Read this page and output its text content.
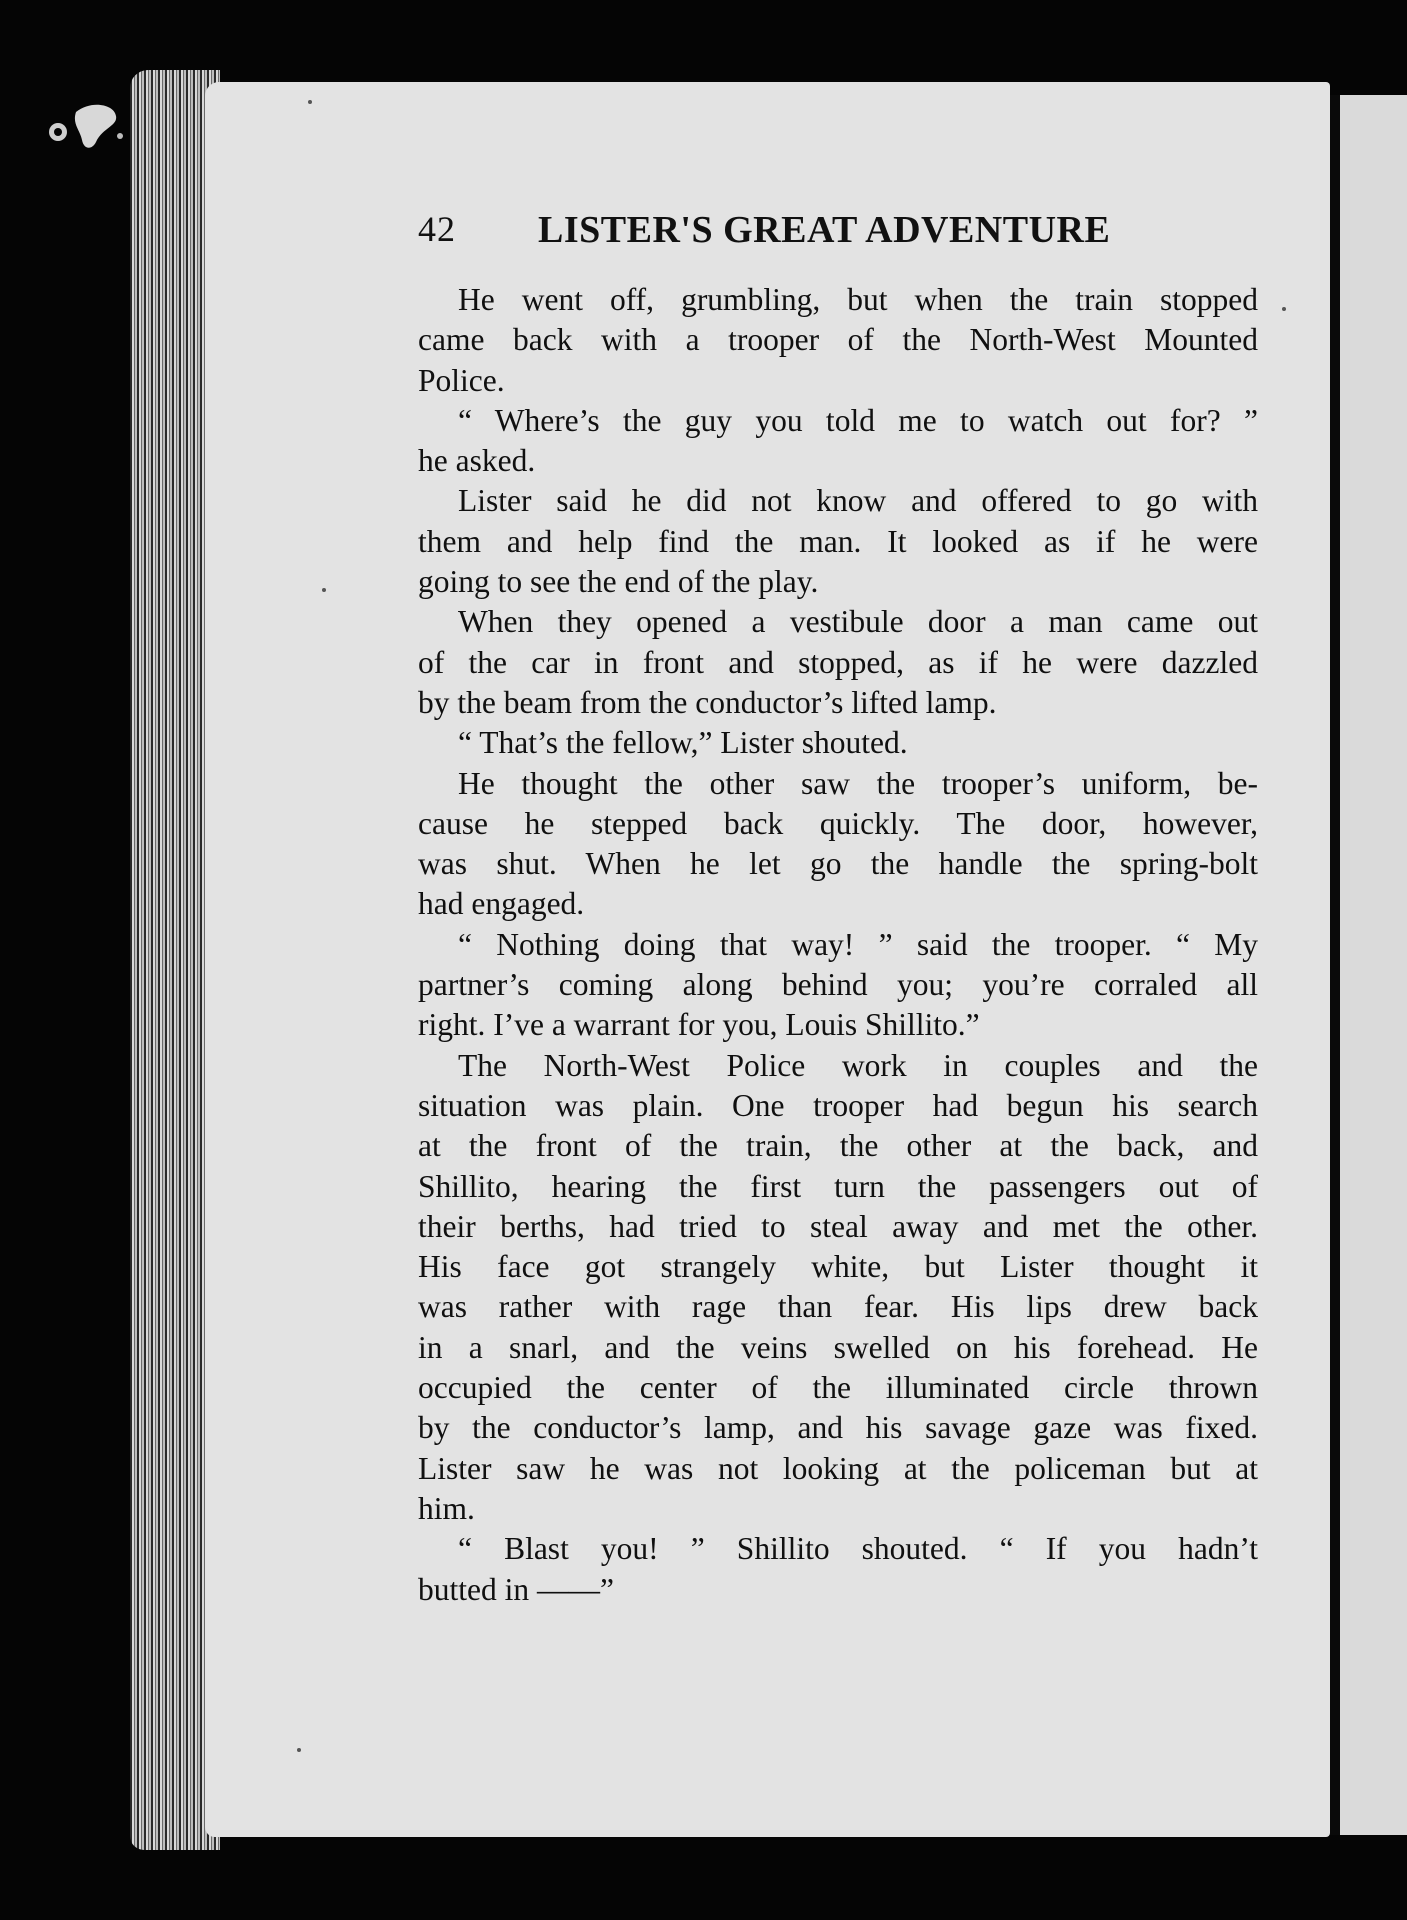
42 LISTER'S GREAT ADVENTURE
He went off, grumbling, but when the train stopped
came back with a trooper of the North-West Mounted
Police.
“ Where’s the guy you told me to watch out for? ”
he asked.
Lister said he did not know and offered to go with
them and help find the man. It looked as if he were
going to see the end of the play.
When they opened a vestibule door a man came out
of the car in front and stopped, as if he were dazzled
by the beam from the conductor’s lifted lamp.
“ That’s the fellow,” Lister shouted.
He thought the other saw the trooper’s uniform, be-
cause he stepped back quickly. The door, however,
was shut. When he let go the handle the spring-bolt
had engaged.
“ Nothing doing that way! ” said the trooper. “ My
partner’s coming along behind you; you’re corraled all
right. I’ve a warrant for you, Louis Shillito.”
The North-West Police work in couples and the
situation was plain. One trooper had begun his search
at the front of the train, the other at the back, and
Shillito, hearing the first turn the passengers out of
their berths, had tried to steal away and met the other.
His face got strangely white, but Lister thought it
was rather with rage than fear. His lips drew back
in a snarl, and the veins swelled on his forehead. He
occupied the center of the illuminated circle thrown
by the conductor’s lamp, and his savage gaze was fixed.
Lister saw he was not looking at the policeman but at
him.
“ Blast you! ” Shillito shouted. “ If you hadn’t
butted in ——”
